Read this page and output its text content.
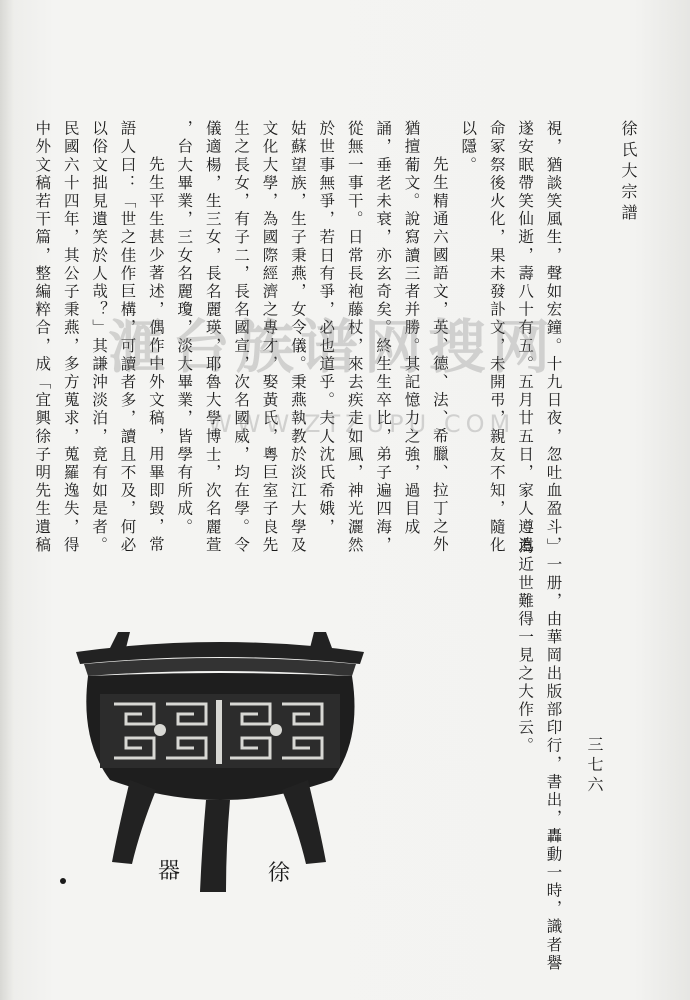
徐氏大宗譜
視，猶談笑風生，聲如宏鐘。十九日夜，忽吐血盈斗，
遂安眠帶笑仙逝，壽八十有五。五月廿五日，家人遵遺
命冢祭後火化，果未發訃文，未開弔，親友不知，隨化
以隱。
先生精通六國語文，英、德、法、希臘、拉丁之外
猶擅葡文。說寫讀三者并勝。其記憶力之強，過目成
誦，垂老未衰，亦玄奇矣。終生生卒比，弟子遍四海，
從無一事干。日常長袍藤杖，來去疾走如風，神光灑然
於世事無爭，若日有爭，必也道乎。夫人沈氏希娥，
姑蘇望族，生子秉燕，女令儀。秉燕執教於淡江大學及
文化大學，為國際經濟之專才，娶黃氏，粵巨室子良先
生之長女，有子二，長名國宣，次名國威，均在學。令
儀適楊，生三女，長名麗瑛，耶魯大學博士，次名麗萱
，台大畢業，三女名麗瓊，淡大畢業，皆學有所成。
先生平生甚少著述，偶作中外文稿，用畢即毀，常
語人曰：「世之佳作巨構，可讀者多，讀且不及，何必
以俗文拙見遺笑於人哉？」其謙沖淡泊，竟有如是者。
民國六十四年，其公子秉燕，多方蒐求，蒐羅逸失，得
中外文稿若干篇，整編粹合，成「宜興徐子明先生遺稿
」一册，由華岡出版部印行，書出，轟動一時，識者譽
為近世難得一見之大作云。
三七六
徐
器
滙台族谱网搜网
WWW.ZTZUPU.COM
